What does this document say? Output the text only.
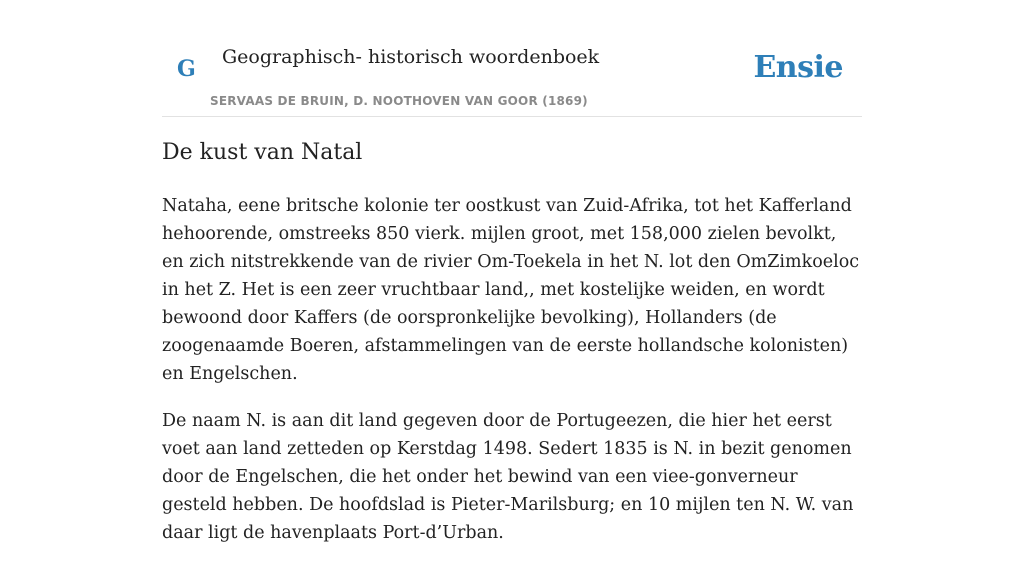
G Geographisch- historisch woordenboek
SERVAAS DE BRUIN, D. NOOTHOVEN VAN GOOR (1869)
Ensie
De kust van Natal

Nataha, eene britsche kolonie ter oostkust van Zuid-Afrika, tot het Kafferland hehoorende, omstreeks 850 vierk. mijlen groot, met 158,000 zielen bevolkt, en zich nitstrekkende van de rivier Om-Toekela in het N. lot den OmZimkoeloc in het Z. Het is een zeer vruchtbaar land,, met kostelijke weiden, en wordt bewoond door Kaffers (de oorspronkelijke bevolking), Hollanders (de zoogenaamde Boeren, afstammelingen van de eerste hollandsche kolonisten) en Engelschen.

De naam N. is aan dit land gegeven door de Portugeezen, die hier het eerst voet aan land zetteden op Kerstdag 1498. Sedert 1835 is N. in bezit genomen door de Engelschen, die het onder het bewind van een viee-gonverneur gesteld hebben. De hoofdslad is Pieter-Marilsburg; en 10 mijlen ten N. W. van daar ligt de havenplaats Port-d’Urban.
